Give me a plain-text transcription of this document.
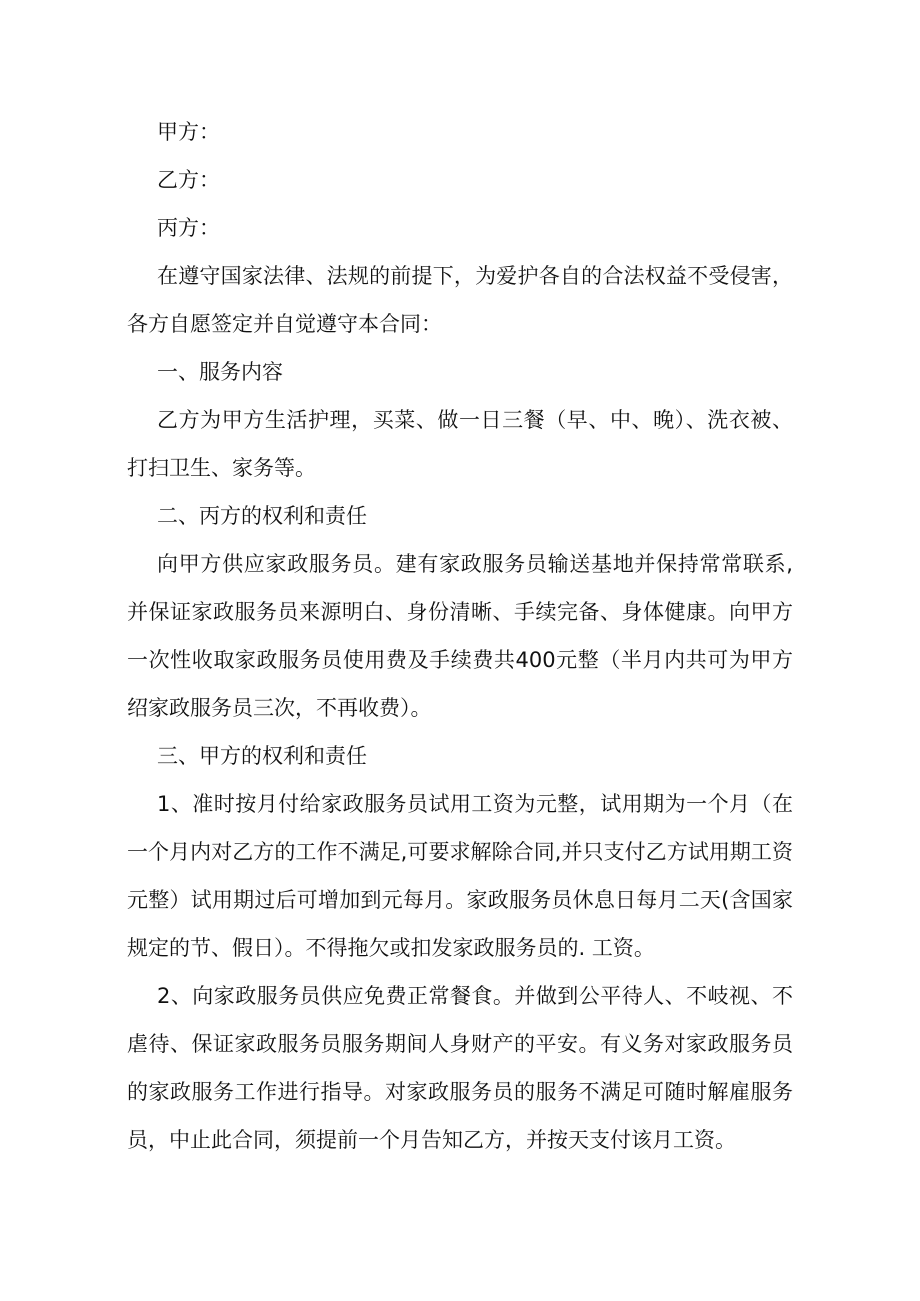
甲方：

乙方：

丙方：

在遵守国家法律、法规的前提下，为爱护各自的合法权益不受侵害，各方自愿签定并自觉遵守本合同：

一、服务内容

乙方为甲方生活护理，买菜、做一日三餐（早、中、晚）、洗衣被、打扫卫生、家务等。

二、丙方的权利和责任

向甲方供应家政服务员。建有家政服务员输送基地并保持常常联系,并保证家政服务员来源明白、身份清晰、手续完备、身体健康。向甲方一次性收取家政服务员使用费及手续费共400元整（半月内共可为甲方绍家政服务员三次，不再收费）。

三、甲方的权利和责任

1、准时按月付给家政服务员试用工资为元整，试用期为一个月（在一个月内对乙方的工作不满足,可要求解除合同,并只支付乙方试用期工资元整）试用期过后可增加到元每月。家政服务员休息日每月二天(含国家规定的节、假日）。不得拖欠或扣发家政服务员的. 工资。

2、向家政服务员供应免费正常餐食。并做到公平待人、不岐视、不虐待、保证家政服务员服务期间人身财产的平安。有义务对家政服务员的家政服务工作进行指导。对家政服务员的服务不满足可随时解雇服务员，中止此合同，须提前一个月告知乙方，并按天支付该月工资。
